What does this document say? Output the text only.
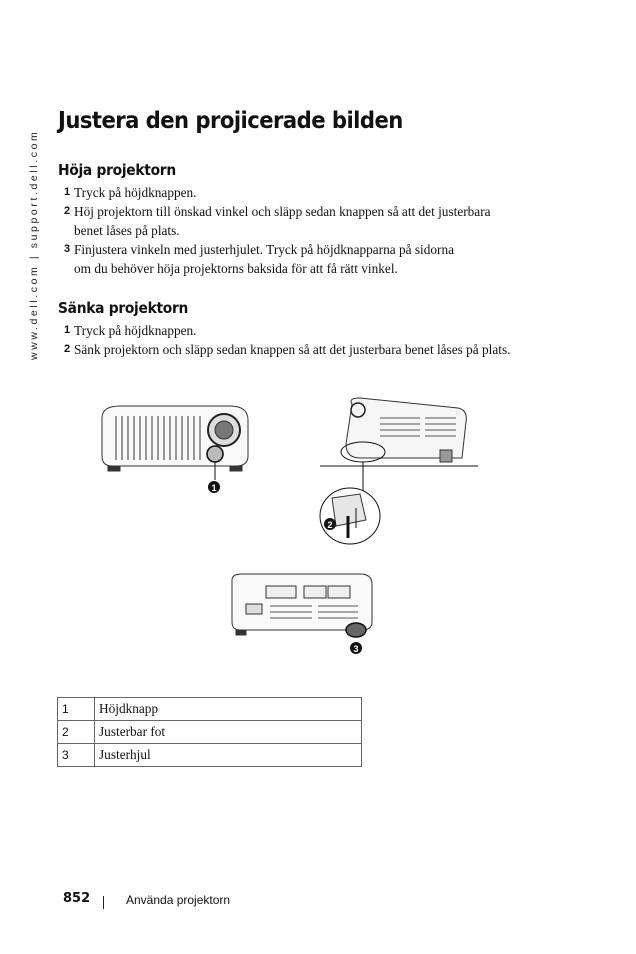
www.dell.com | support.dell.com
Justera den projicerade bilden
Höja projektorn
1 Tryck på höjdknappen.
2 Höj projektorn till önskad vinkel och släpp sedan knappen så att det justerbara
benet låses på plats.
3 Finjustera vinkeln med justerhjulet. Tryck på höjdknapparna på sidorna
om du behöver höja projektorns baksida för att få rätt vinkel.
Sänka projektorn
1 Tryck på höjdknappen.
2 Sänk projektorn och släpp sedan knappen så att det justerbara benet låses på plats.
1
2
3
1	Höjdknapp
2	Justerbar fot
3	Justerhjul
852	Använda projektorn
